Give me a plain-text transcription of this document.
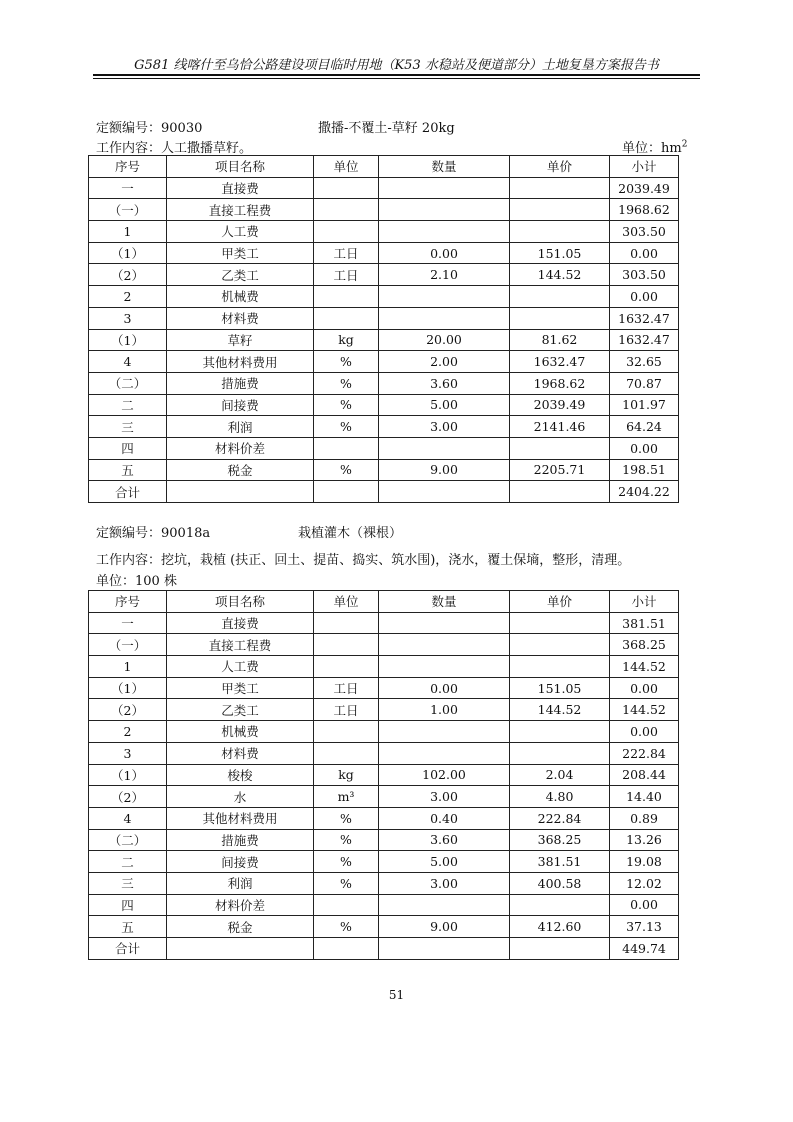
G581 线喀什至乌恰公路建设项目临时用地（K53 水稳站及便道部分）土地复垦方案报告书
定额编号：90030	撒播-不覆土-草籽 20kg
工作内容：人工撒播草籽。	单位：$hm^2$
序号	项目名称	单位	数量	单价	小计
一	直接费				2039.49
（一）	直接工程费				1968.62
1	人工费				303.50
（1）	甲类工	工日	0.00	151.05	0.00
（2）	乙类工	工日	2.10	144.52	303.50
2	机械费				0.00
3	材料费				1632.47
（1）	草籽	kg	20.00	81.62	1632.47
4	其他材料费用	%	2.00	1632.47	32.65
（二）	措施费	%	3.60	1968.62	70.87
二	间接费	%	5.00	2039.49	101.97
三	利润	%	3.00	2141.46	64.24
四	材料价差				0.00
五	税金	%	9.00	2205.71	198.51
合计					2404.22
定额编号：90018a	栽植灌木（裸根）
工作内容：挖坑，栽植 (扶正、回土、提苗、捣实、筑水围)，浇水，覆土保墒，整形，清理。
单位：100 株
序号	项目名称	单位	数量	单价	小计
一	直接费				381.51
（一）	直接工程费				368.25
1	人工费				144.52
（1）	甲类工	工日	0.00	151.05	0.00
（2）	乙类工	工日	1.00	144.52	144.52
2	机械费				0.00
3	材料费				222.84
（1）	梭梭	kg	102.00	2.04	208.44
（2）	水	m³	3.00	4.80	14.40
4	其他材料费用	%	0.40	222.84	0.89
（二）	措施费	%	3.60	368.25	13.26
二	间接费	%	5.00	381.51	19.08
三	利润	%	3.00	400.58	12.02
四	材料价差				0.00
五	税金	%	9.00	412.60	37.13
合计					449.74
51
